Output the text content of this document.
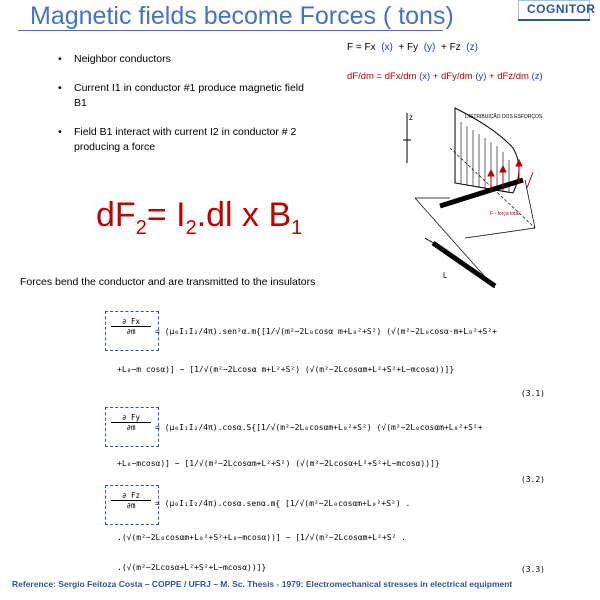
Magnetic fields become Forces ( tons)	COGNITOR
F = Fx (x) + Fy (y) + Fz (z)
dF/dm = dFx/dm (x) + dFy/dm (y) + dFz/dm (z)
• Neighbor conductors
• Current I1 in conductor #1 produce magnetic field B1
• Field B1 interact with current I2 in conductor # 2 producing a force
$dF_2= I_2.dl$ x $B_1$
Forces bend the conductor and are transmitted to the insulators
DISTRIBUIÇÃO DOS ESFORÇOS
F - força total
z
L
$\frac{\partial Fx}{\partial m} = (\mu_0I_1I_2/4\pi).sen^2\alpha.m\{[1/√(m^2-2L_0\cos\alpha$ m+L₀²+S²) (√(m²−2L₀cosα·m+L₀²+S²+
+L₀−m cosα)] − [1/√(m²−2Lcosα m+L²+S²) (√(m²−2Lcosαm+L²+S²+L−mcosα))]}
(3.1)
$\frac{\partial Fy}{\partial m} = (\mu_0I_1I_2/4\pi).\cos\alpha.S\{[1/√(m^2-2L_0\cos\alpha m+L_0^2+S^2)$ (√(m²−2L₀cosαm+L₀²+S²+
+L₀−mcosα)] − [1/√(m²−2Lcosαm+L²+S²) (√(m²−2Lcosα+L²+S²+L−mcosα))]}
(3.2)
$\frac{\partial Fz}{\partial m} = (\mu_0I_1I_2/4\pi).\cos\alpha.sen\alpha.m${ [1/√(m²−2L₀cosαm+L₀²+S²) .
.(√(m²−2L₀cosαm+L₀²+S²+L₀−mcosα))] − [1/√(m²−2Lcosαm+L²+S² .
.(√(m²−2Lcosα+L²+S²+L−mcosα))]}	(3.3)
Reference: Sergio Feitoza Costa – COPPE / UFRJ – M. Sc. Thesis - 1979: Electromechanical stresses in electrical equipment
